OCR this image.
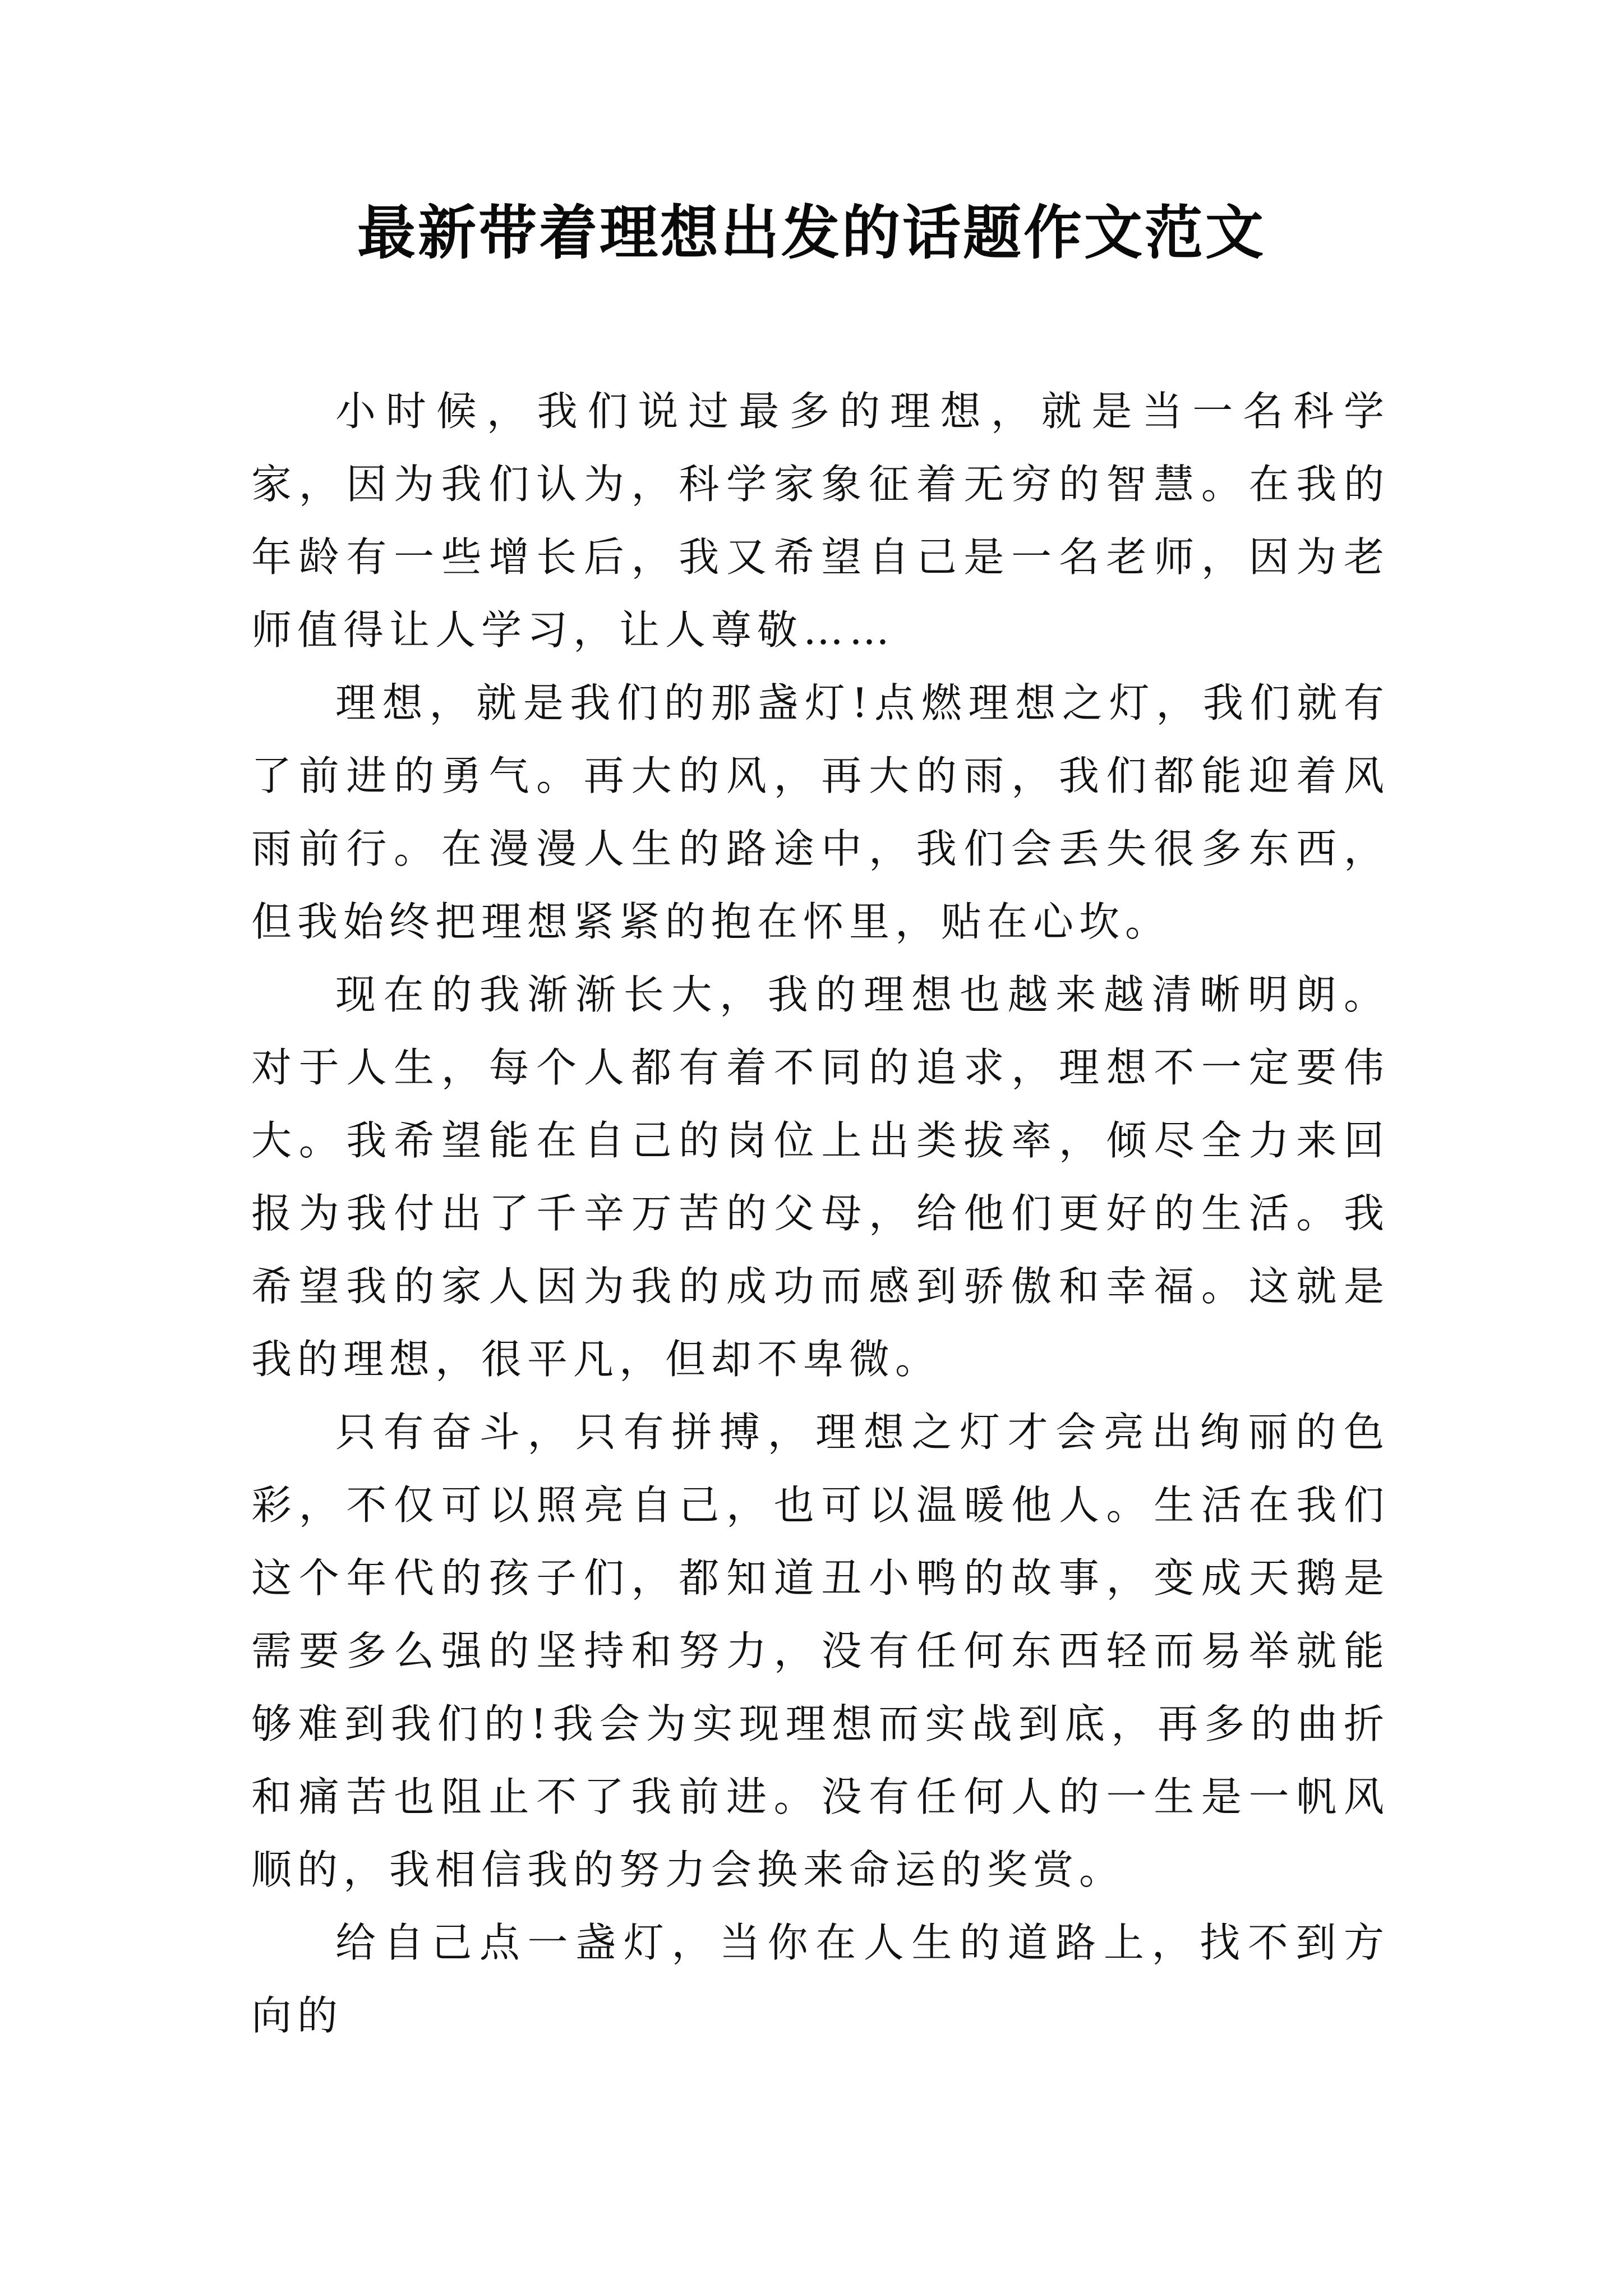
最新带着理想出发的话题作文范文

小时候，我们说过最多的理想，就是当一名科学家，因为我们认为，科学家象征着无穷的智慧。在我的年龄有一些增长后，我又希望自己是一名老师，因为老师值得让人学习，让人尊敬……

理想，就是我们的那盏灯!点燃理想之灯，我们就有了前进的勇气。再大的风，再大的雨，我们都能迎着风雨前行。在漫漫人生的路途中，我们会丢失很多东西，但我始终把理想紧紧的抱在怀里，贴在心坎。

现在的我渐渐长大，我的理想也越来越清晰明朗。对于人生，每个人都有着不同的追求，理想不一定要伟大。我希望能在自己的岗位上出类拔率，倾尽全力来回报为我付出了千辛万苦的父母，给他们更好的生活。我希望我的家人因为我的成功而感到骄傲和幸福。这就是我的理想，很平凡，但却不卑微。

只有奋斗，只有拼搏，理想之灯才会亮出绚丽的色彩，不仅可以照亮自己，也可以温暖他人。生活在我们这个年代的孩子们，都知道丑小鸭的故事，变成天鹅是需要多么强的坚持和努力，没有任何东西轻而易举就能够难到我们的!我会为实现理想而实战到底，再多的曲折和痛苦也阻止不了我前进。没有任何人的一生是一帆风顺的，我相信我的努力会换来命运的奖赏。

给自己点一盏灯，当你在人生的道路上，找不到方向的
